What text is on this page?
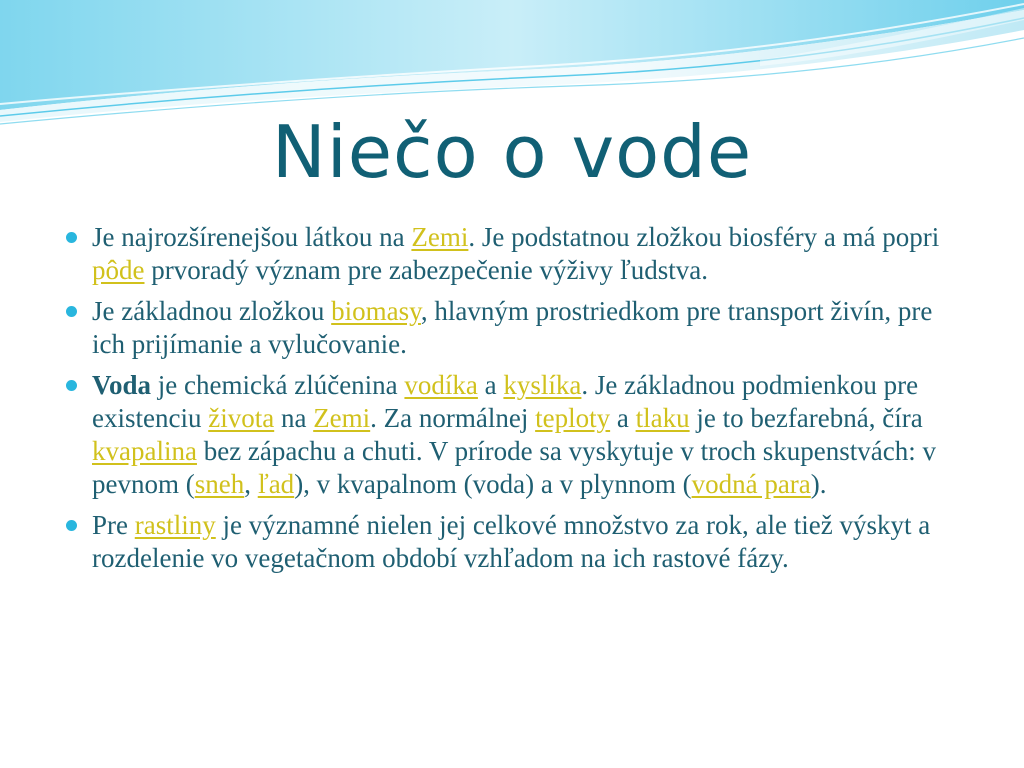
Niečo o vode
Je najrozšírenejšou látkou na Zemi. Je podstatnou zložkou biosféry a má popri pôde prvoradý význam pre zabezpečenie výživy ľudstva.
Je základnou zložkou biomasy, hlavným prostriedkom pre transport živín, pre ich prijímanie a vylučovanie.
Voda je chemická zlúčenina vodíka a kyslíka. Je základnou podmienkou pre existenciu života na Zemi. Za normálnej teploty a tlaku je to bezfarebná, číra kvapalina bez zápachu a chuti. V prírode sa vyskytuje v troch skupenstvách: v pevnom (sneh, ľad), v kvapalnom (voda) a v plynnom (vodná para).
Pre rastliny je významné nielen jej celkové množstvo za rok, ale tiež výskyt a rozdelenie vo vegetačnom období vzhľadom na ich rastové fázy.
